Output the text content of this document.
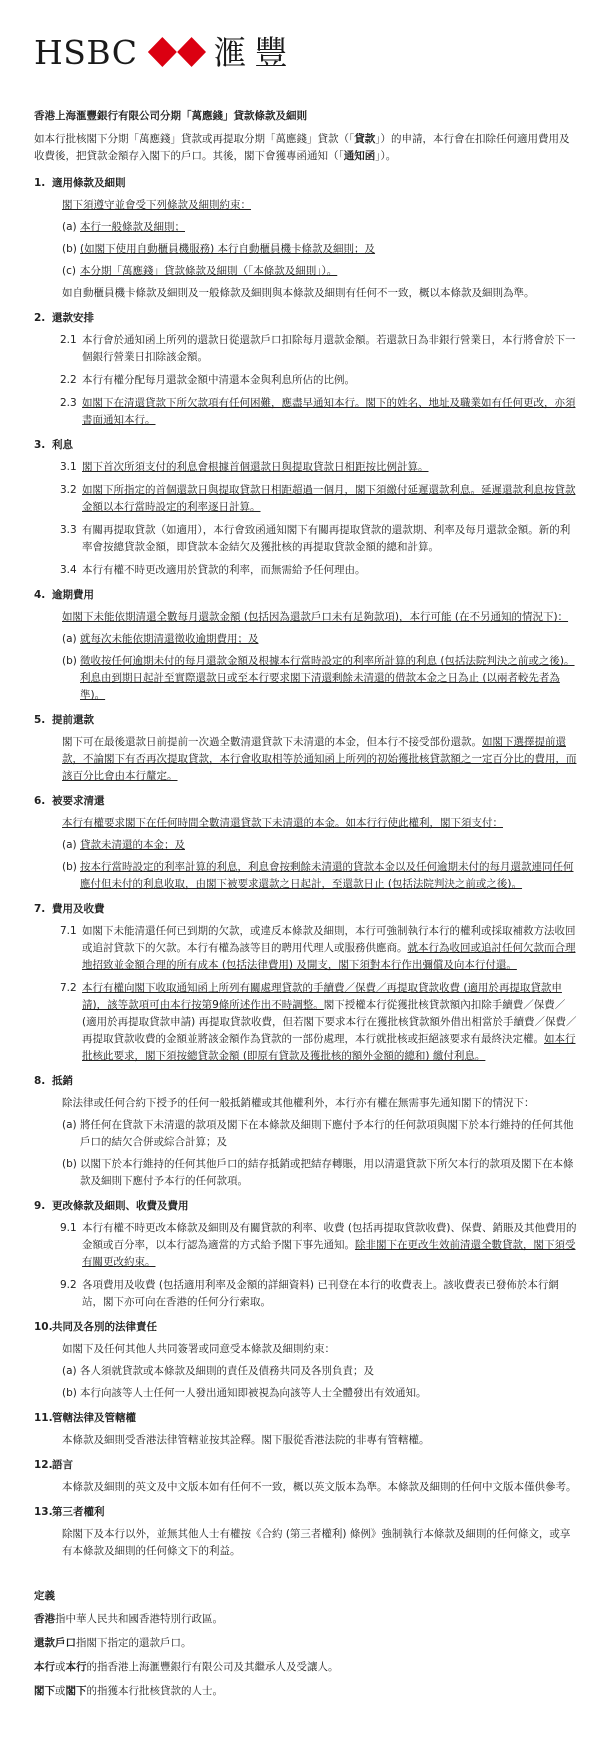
HSBC 滙豐
香港上海滙豐銀行有限公司分期「萬應錢」貸款條款及細則
如本行批核閣下分期「萬應錢」貸款或再提取分期「萬應錢」貸款（「貸款」）的申請，本行會在扣除任何適用費用及收費後，把貸款金額存入閣下的戶口。其後，閣下會獲專函通知（「通知函」）。
1. 適用條款及細則
閣下須遵守並會受下列條款及細則約束：
(a) 本行一般條款及細則；
(b) (如閣下使用自動櫃員機服務) 本行自動櫃員機卡條款及細則；及
(c) 本分期「萬應錢」貸款條款及細則（「本條款及細則」）。
如自動櫃員機卡條款及細則及一般條款及細則與本條款及細則有任何不一致，概以本條款及細則為準。
2. 還款安排
2.1 本行會於通知函上所列的還款日從還款戶口扣除每月還款金額。若還款日為非銀行營業日，本行將會於下一個銀行營業日扣除該金額。
2.2 本行有權分配每月還款金額中清還本金與利息所佔的比例。
2.3 如閣下在清還貸款下所欠款項有任何困難，應盡早通知本行。閣下的姓名、地址及職業如有任何更改，亦須書面通知本行。
3. 利息
3.1 閣下首次所須支付的利息會根據首個還款日與提取貸款日相距按比例計算。
3.2 如閣下所指定的首個還款日與提取貸款日相距超過一個月，閣下須繳付延遲還款利息。延遲還款利息按貸款金額以本行當時設定的利率逐日計算。
3.3 有關再提取貸款（如適用），本行會致函通知閣下有關再提取貸款的還款期、利率及每月還款金額。新的利率會按總貸款金額，即貸款本金結欠及獲批核的再提取貸款金額的總和計算。
3.4 本行有權不時更改適用於貸款的利率，而無需給予任何理由。
4. 逾期費用
如閣下未能依期清還全數每月還款金額 (包括因為還款戶口未有足夠款項)，本行可能 (在不另通知的情況下)：
(a) 就每次未能依期清還徵收逾期費用；及
(b) 徵收按任何逾期未付的每月還款金額及根據本行當時設定的利率所計算的利息 (包括法院判決之前或之後)。利息由到期日起計至實際還款日或至本行要求閣下清還剩餘未清還的借款本金之日為止 (以兩者較先者為準)。
5. 提前還款
閣下可在最後還款日前提前一次過全數清還貸款下未清還的本金，但本行不接受部份還款。如閣下選擇提前還款，不論閣下有否再次提取貸款，本行會收取相等於通知函上所列的初始獲批核貸款額之一定百分比的費用，而該百分比會由本行釐定。
6. 被要求清還
本行有權要求閣下在任何時間全數清還貸款下未清還的本金。如本行行使此權利，閣下須支付：
(a) 貸款未清還的本金；及
(b) 按本行當時設定的利率計算的利息，利息會按剩餘未清還的貸款本金以及任何逾期未付的每月還款連同任何應付但未付的利息收取，由閣下被要求還款之日起計，至還款日止 (包括法院判決之前或之後)。
7. 費用及收費
7.1 如閣下未能清還任何已到期的欠款，或違反本條款及細則，本行可強制執行本行的權利或採取補救方法收回或追討貸款下的欠款。本行有權為該等目的聘用代理人或服務供應商。就本行為收回或追討任何欠款而合理地招致並金額合理的所有成本 (包括法律費用) 及開支，閣下須對本行作出彌償及向本行付還。
7.2 本行有權向閣下收取通知函上所列有關處理貸款的手續費／保費／再提取貸款收費 (適用於再提取貸款申請)，該等款項可由本行按第9條所述作出不時調整。閣下授權本行從獲批核貸款額內扣除手續費／保費／(適用於再提取貸款申請) 再提取貸款收費，但若閣下要求本行在獲批核貸款額外借出相當於手續費／保費／再提取貸款收費的金額並將該金額作為貸款的一部份處理，本行就批核或拒絕該要求有最終決定權。如本行批核此要求，閣下須按總貸款金額 (即原有貸款及獲批核的額外金額的總和) 繳付利息。
8. 抵銷
除法律或任何合約下授予的任何一般抵銷權或其他權利外，本行亦有權在無需事先通知閣下的情況下：
(a) 將任何在貸款下未清還的款項及閣下在本條款及細則下應付予本行的任何款項與閣下於本行維持的任何其他戶口的結欠合併或綜合計算；及
(b) 以閣下於本行維持的任何其他戶口的結存抵銷或把結存轉賬，用以清還貸款下所欠本行的款項及閣下在本條款及細則下應付予本行的任何款項。
9. 更改條款及細則、收費及費用
9.1 本行有權不時更改本條款及細則及有關貸款的利率、收費 (包括再提取貸款收費)、保費、銷賬及其他費用的金額或百分率，以本行認為適當的方式給予閣下事先通知。除非閣下在更改生效前清還全數貸款，閣下須受有關更改約束。
9.2 各項費用及收費 (包括適用利率及金額的詳細資料) 已刊登在本行的收費表上。該收費表已發佈於本行網站，閣下亦可向在香港的任何分行索取。
10.共同及各別的法律責任
如閣下及任何其他人共同簽署或同意受本條款及細則約束：
(a) 各人須就貸款或本條款及細則的責任及債務共同及各別負責；及
(b) 本行向該等人士任何一人發出通知即被視為向該等人士全體發出有效通知。
11.管轄法律及管轄權
本條款及細則受香港法律管轄並按其詮釋。閣下服從香港法院的非專有管轄權。
12.語言
本條款及細則的英文及中文版本如有任何不一致，概以英文版本為準。本條款及細則的任何中文版本僅供參考。
13.第三者權利
除閣下及本行以外，並無其他人士有權按《合約 (第三者權利) 條例》強制執行本條款及細則的任何條文，或享有本條款及細則的任何條文下的利益。
定義
香港指中華人民共和國香港特別行政區。
還款戶口指閣下指定的還款戶口。
本行或本行的指香港上海滙豐銀行有限公司及其繼承人及受讓人。
閣下或閣下的指獲本行批核貸款的人士。
